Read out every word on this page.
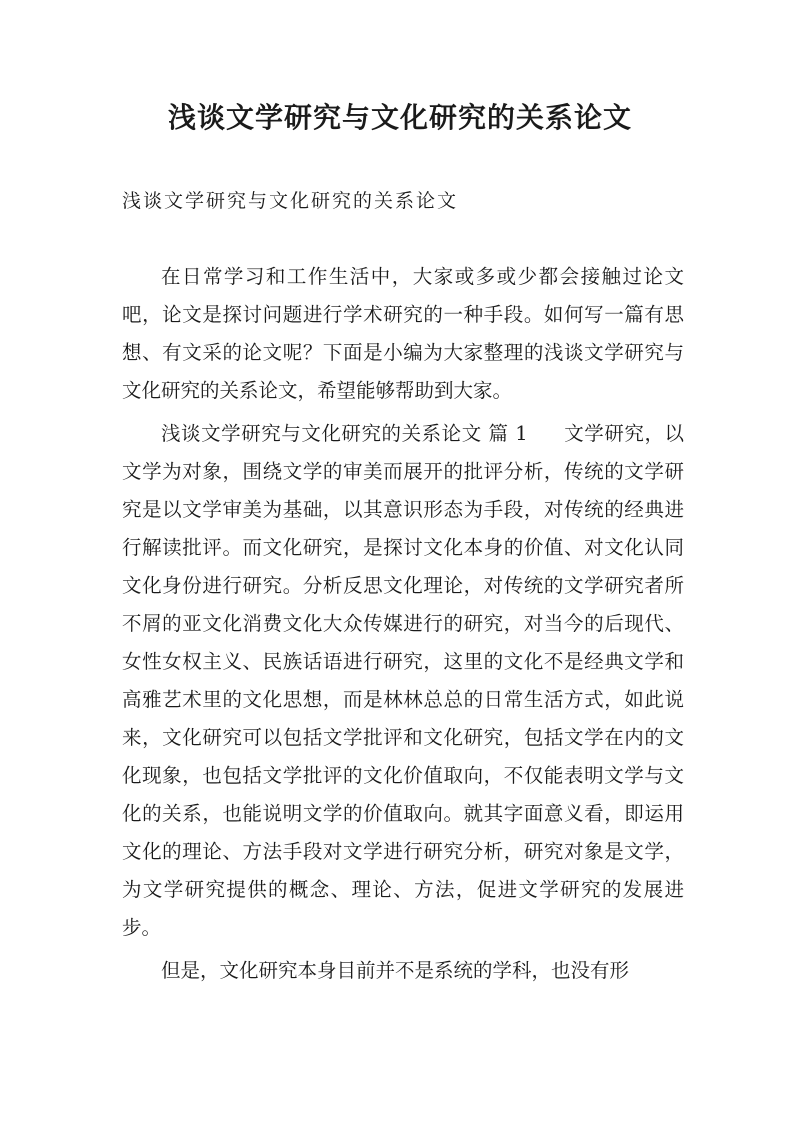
浅谈文学研究与文化研究的关系论文

浅谈文学研究与文化研究的关系论文

在日常学习和工作生活中，大家或多或少都会接触过论文吧，论文是探讨问题进行学术研究的一种手段。如何写一篇有思想、有文采的论文呢？下面是小编为大家整理的浅谈文学研究与文化研究的关系论文，希望能够帮助到大家。

浅谈文学研究与文化研究的关系论文 篇 1 文学研究，以文学为对象，围绕文学的审美而展开的批评分析，传统的文学研究是以文学审美为基础，以其意识形态为手段，对传统的经典进行解读批评。而文化研究，是探讨文化本身的价值、对文化认同文化身份进行研究。分析反思文化理论，对传统的文学研究者所不屑的亚文化消费文化大众传媒进行的研究，对当今的后现代、女性女权主义、民族话语进行研究，这里的文化不是经典文学和高雅艺术里的文化思想，而是林林总总的日常生活方式，如此说来，文化研究可以包括文学批评和文化研究，包括文学在内的文化现象，也包括文学批评的文化价值取向，不仅能表明文学与文化的关系，也能说明文学的价值取向。就其字面意义看，即运用文化的理论、方法手段对文学进行研究分析，研究对象是文学，为文学研究提供的概念、理论、方法，促进文学研究的发展进步。

但是，文化研究本身目前并不是系统的学科，也没有形
